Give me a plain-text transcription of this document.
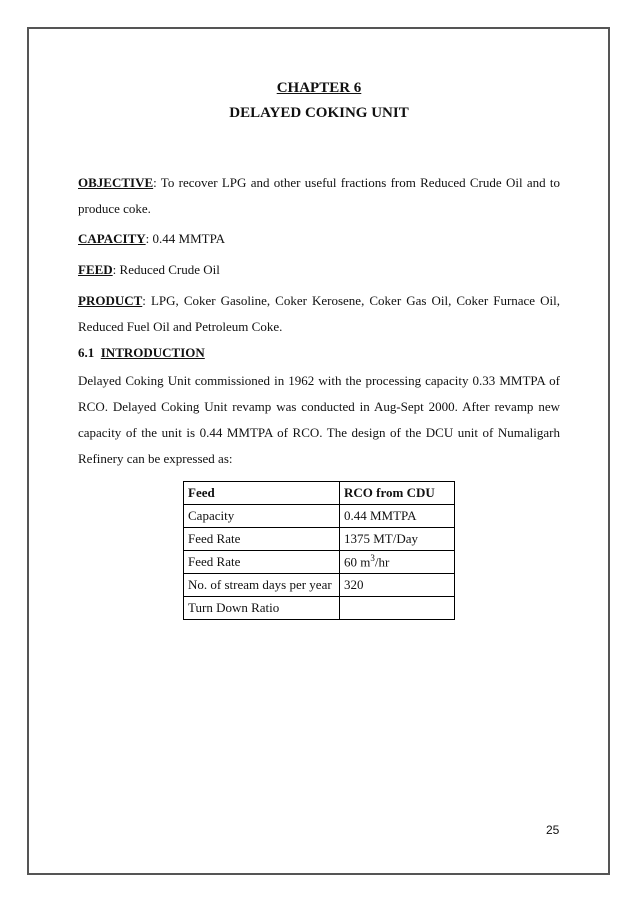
CHAPTER 6
DELAYED COKING UNIT

OBJECTIVE: To recover LPG and other useful fractions from Reduced Crude Oil and to produce coke.

CAPACITY: 0.44 MMTPA

FEED: Reduced Crude Oil

PRODUCT: LPG, Coker Gasoline, Coker Kerosene, Coker Gas Oil, Coker Furnace Oil, Reduced Fuel Oil and Petroleum Coke.

6.1 INTRODUCTION

Delayed Coking Unit commissioned in 1962 with the processing capacity 0.33 MMTPA of RCO. Delayed Coking Unit revamp was conducted in Aug-Sept 2000. After revamp new capacity of the unit is 0.44 MMTPA of RCO. The design of the DCU unit of Numaligarh Refinery can be expressed as:

Feed	RCO from CDU
Capacity	0.44 MMTPA
Feed Rate	1375 MT/Day
Feed Rate	60 $m^3/hr$
No. of stream days per year	320
Turn Down Ratio	
25
